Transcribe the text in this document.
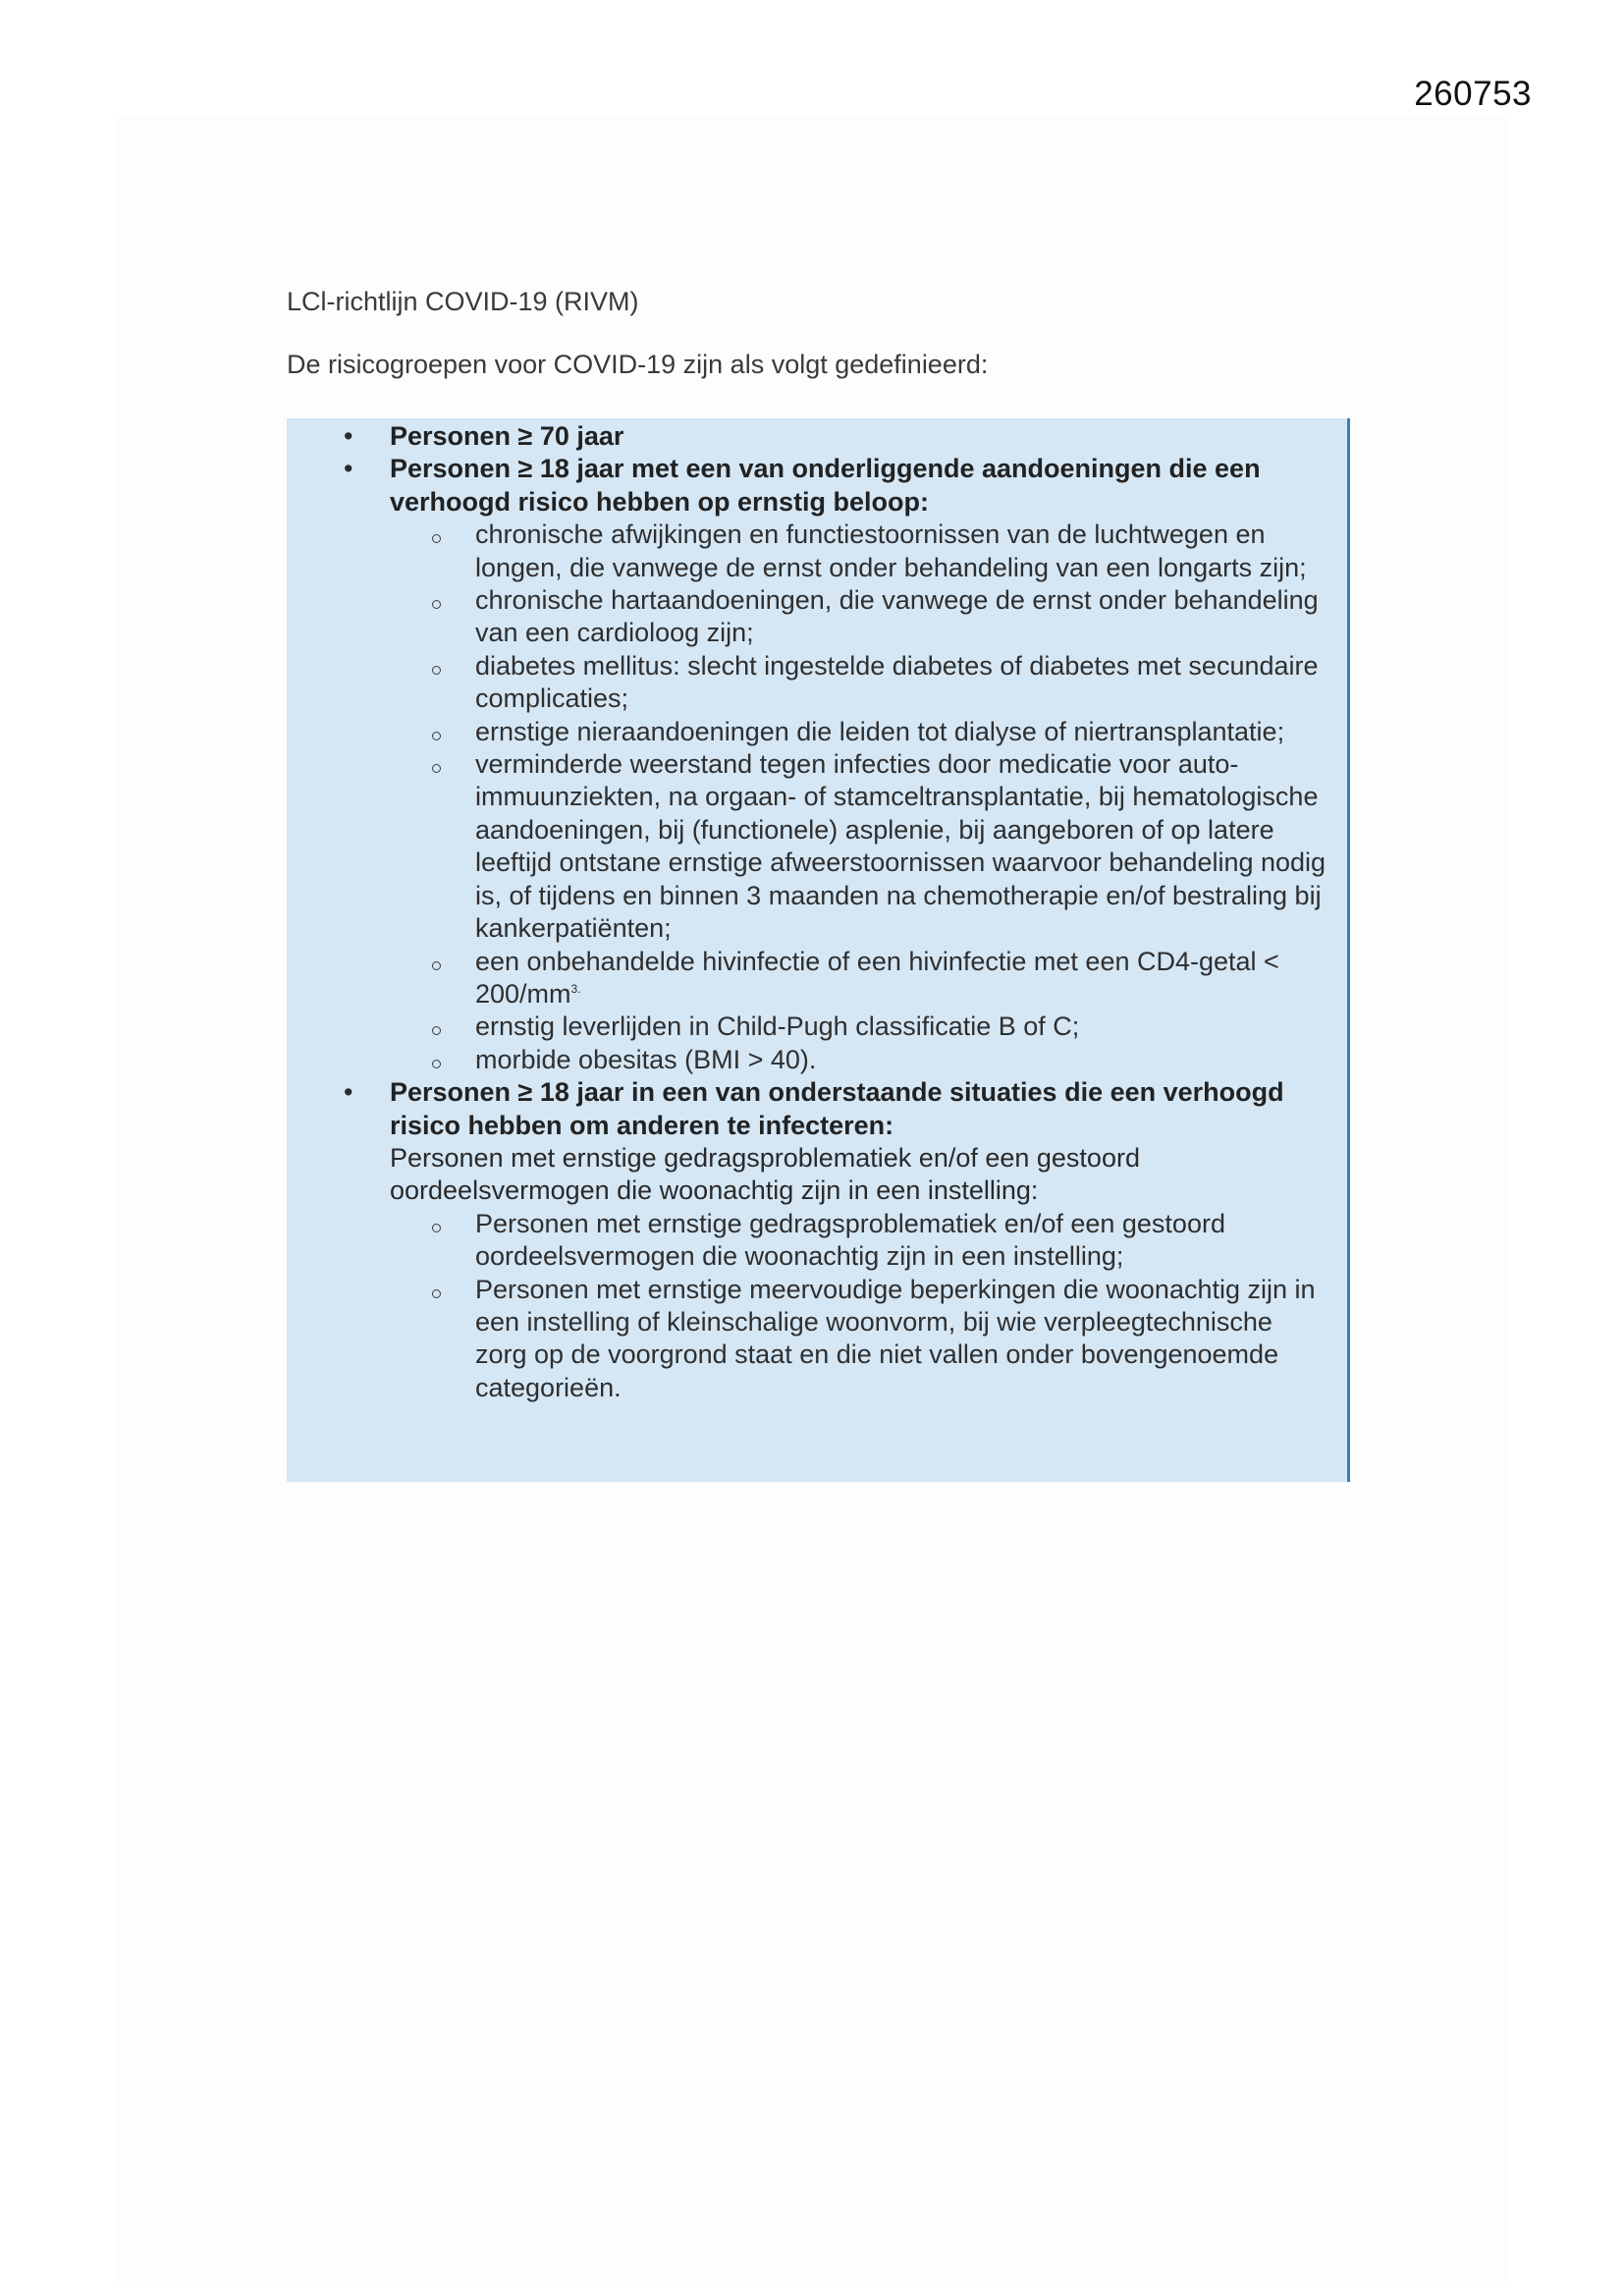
260753
LCl-richtlijn COVID-19 (RIVM)
De risicogroepen voor COVID-19 zijn als volgt gedefinieerd:
• Personen ≥ 70 jaar
• Personen ≥ 18 jaar met een van onderliggende aandoeningen die een verhoogd risico hebben op ernstig beloop:
chronische afwijkingen en functiestoornissen van de luchtwegen en longen, die vanwege de ernst onder behandeling van een longarts zijn;
chronische hartaandoeningen, die vanwege de ernst onder behandeling van een cardioloog zijn;
diabetes mellitus: slecht ingestelde diabetes of diabetes met secundaire complicaties;
ernstige nieraandoeningen die leiden tot dialyse of niertransplantatie;
verminderde weerstand tegen infecties door medicatie voor auto-immuunziekten, na orgaan- of stamceltransplantatie, bij hematologische aandoeningen, bij (functionele) asplenie, bij aangeboren of op latere leeftijd ontstane ernstige afweerstoornissen waarvoor behandeling nodig is, of tijdens en binnen 3 maanden na chemotherapie en/of bestraling bij kankerpatiënten;
een onbehandelde hivinfectie of een hivinfectie met een CD4-getal < $200/mm^{3.}$
ernstig leverlijden in Child-Pugh classificatie B of C;
morbide obesitas (BMI > 40).
• Personen ≥ 18 jaar in een van onderstaande situaties die een verhoogd risico hebben om anderen te infecteren:
Personen met ernstige gedragsproblematiek en/of een gestoord oordeelsvermogen die woonachtig zijn in een instelling:
Personen met ernstige gedragsproblematiek en/of een gestoord oordeelsvermogen die woonachtig zijn in een instelling;
Personen met ernstige meervoudige beperkingen die woonachtig zijn in een instelling of kleinschalige woonvorm, bij wie verpleegtechnische zorg op de voorgrond staat en die niet vallen onder bovengenoemde categorieën.
